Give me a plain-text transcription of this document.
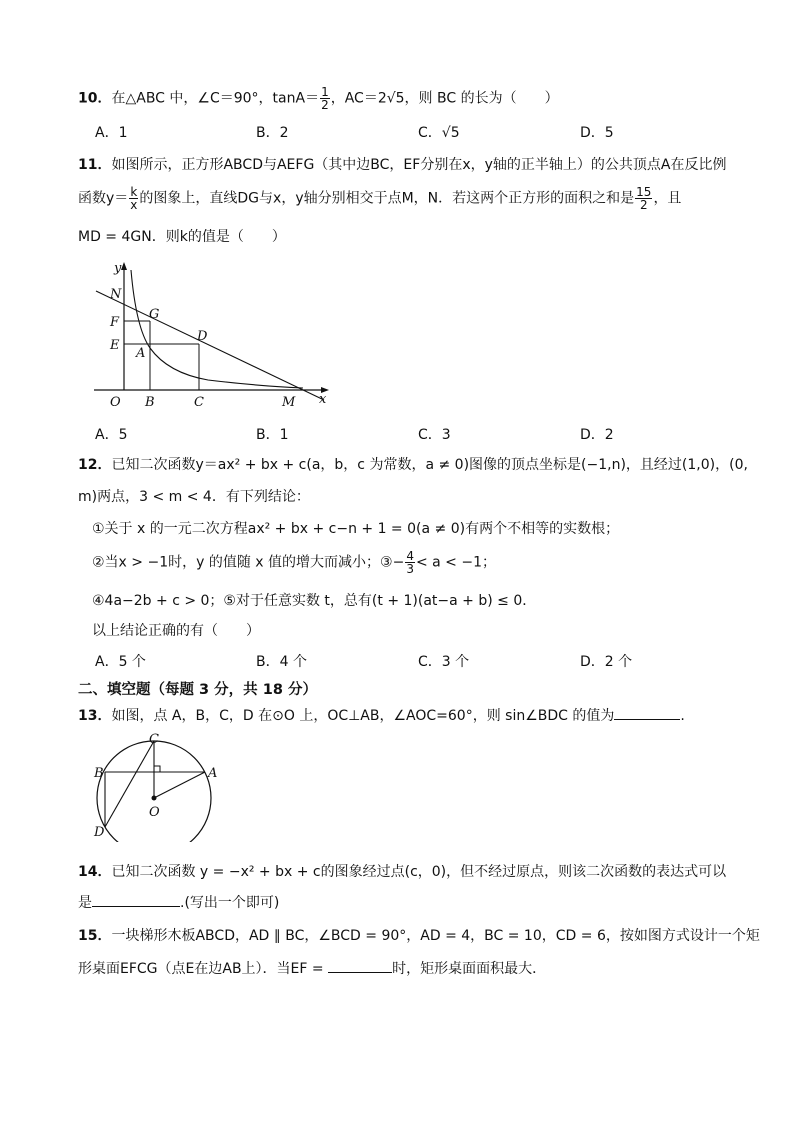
10．在△ABC 中，∠C＝90°，$\tan A= \frac{1}{2}$ ，AC＝2√5，则 BC 的长为（　　）
A．1	B．2	C．√5	D．5
11．如图所示，正方形ABCD与AEFG（其中边BC，EF分别在x，y轴的正半轴上）的公共顶点A在反比例
函数$y= \frac{k}{x}$ 的图象上，直线DG与x，y轴分别相交于点M，N．若这两个正方形的面积之和是 $\frac{15}{2}$ ，且
MD = 4GN．则k的值是（　　）
y
N
F
G
E
A
D
O B	C	M x
A．5	B．1	C．3	D．2
12．已知二次函数y＝ax² + bx + c(a，b，c 为常数，a ≠ 0)图像的顶点坐标是(−1,n)，且经过(1,0)，(0,
m)两点，3 < m < 4．有下列结论：
①关于 x 的一元二次方程ax² + bx + c−n + 1 = 0(a ≠ 0)有两个不相等的实数根；
②当x > −1时，y 的值随 x 值的增大而减小；③− $\frac{4}{3} < a < -1$；
④4a−2b + c > 0；⑤对于任意实数 t，总有(t + 1)(at−a + b) ≤ 0．
以上结论正确的有（　　）
A．5 个	B．4 个	C．3 个	D．2 个
二、填空题（每题 3 分，共 18 分）
13．如图，点 A，B，C，D 在⊙O 上，OC⊥AB，∠AOC=60°，则 sin∠BDC 的值为	.
C
B	A
O
D
14．已知二次函数 y = −x² + bx + c的图象经过点(c，0)，但不经过原点，则该二次函数的表达式可以
是	.(写出一个即可)
15．一块梯形木板ABCD，AD ∥ BC，∠BCD = 90°，AD = 4，BC = 10，CD = 6，按如图方式设计一个矩
形桌面EFCG（点E在边AB上）．当EF =	时，矩形桌面面积最大．
